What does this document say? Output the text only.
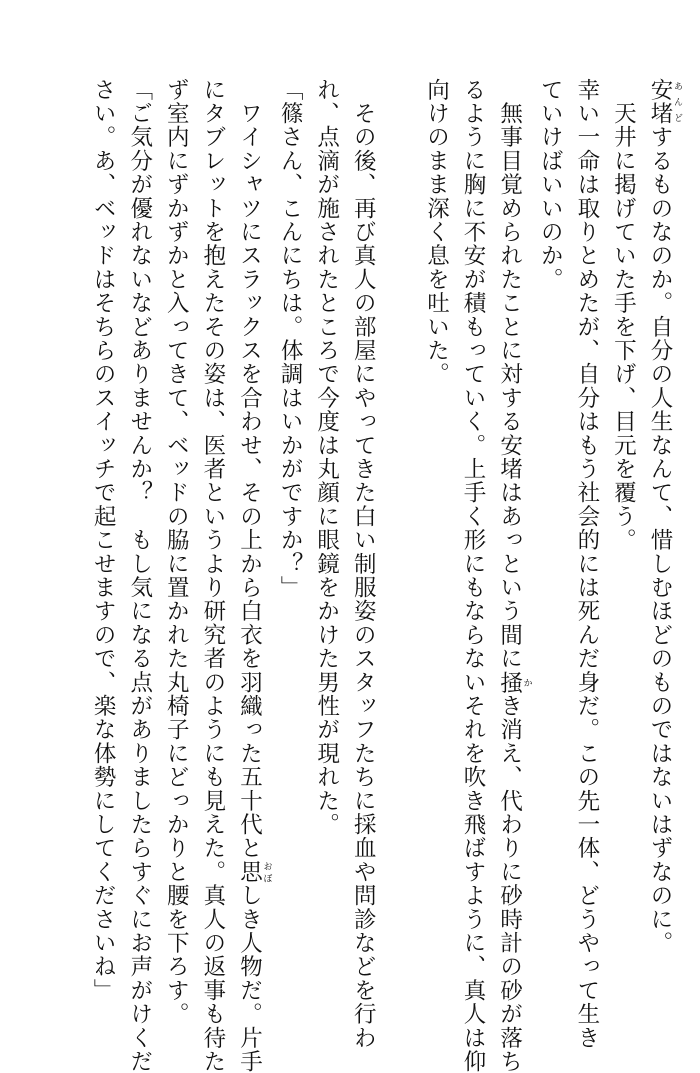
安堵 あんどするものなのか。自分の人生なんて、惜しむほどのものではないはずなのに。
　天井に掲げていた手を下げ、目元を覆う。
幸い一命は取りとめたが、自分はもう社会的には死んだ身だ。この先一体、どうやって生き
ていけばいいのか。
　無事目覚められたことに対する安堵はあっという間に掻 かき消え、代わりに砂時計の砂が落ち
るように胸に不安が積もっていく。上手く形にもならないそれを吹き飛ばすように、真人は仰
向けのまま深く息を吐いた。
　その後、再び真人の部屋にやってきた白い制服姿のスタッフたちに採血や問診などを行わ
れ、点滴が施されたところで今度は丸顔に眼鏡をかけた男性が現れた。
「篠さん、こんにちは。体調はいかがですか？」
　ワイシャツにスラックスを合わせ、その上から白衣を羽織った五十代と思 おぼしき人物だ。片手
にタブレットを抱えたその姿は、医者というより研究者のようにも見えた。真人の返事も待た
ず室内にずかずかと入ってきて、ベッドの脇に置かれた丸椅子にどっかりと腰を下ろす。
「ご気分が優れないなどありませんか？　もし気になる点がありましたらすぐにお声がけくだ
さい。あ、ベッドはそちらのスイッチで起こせますので、楽な体勢にしてくださいね」
